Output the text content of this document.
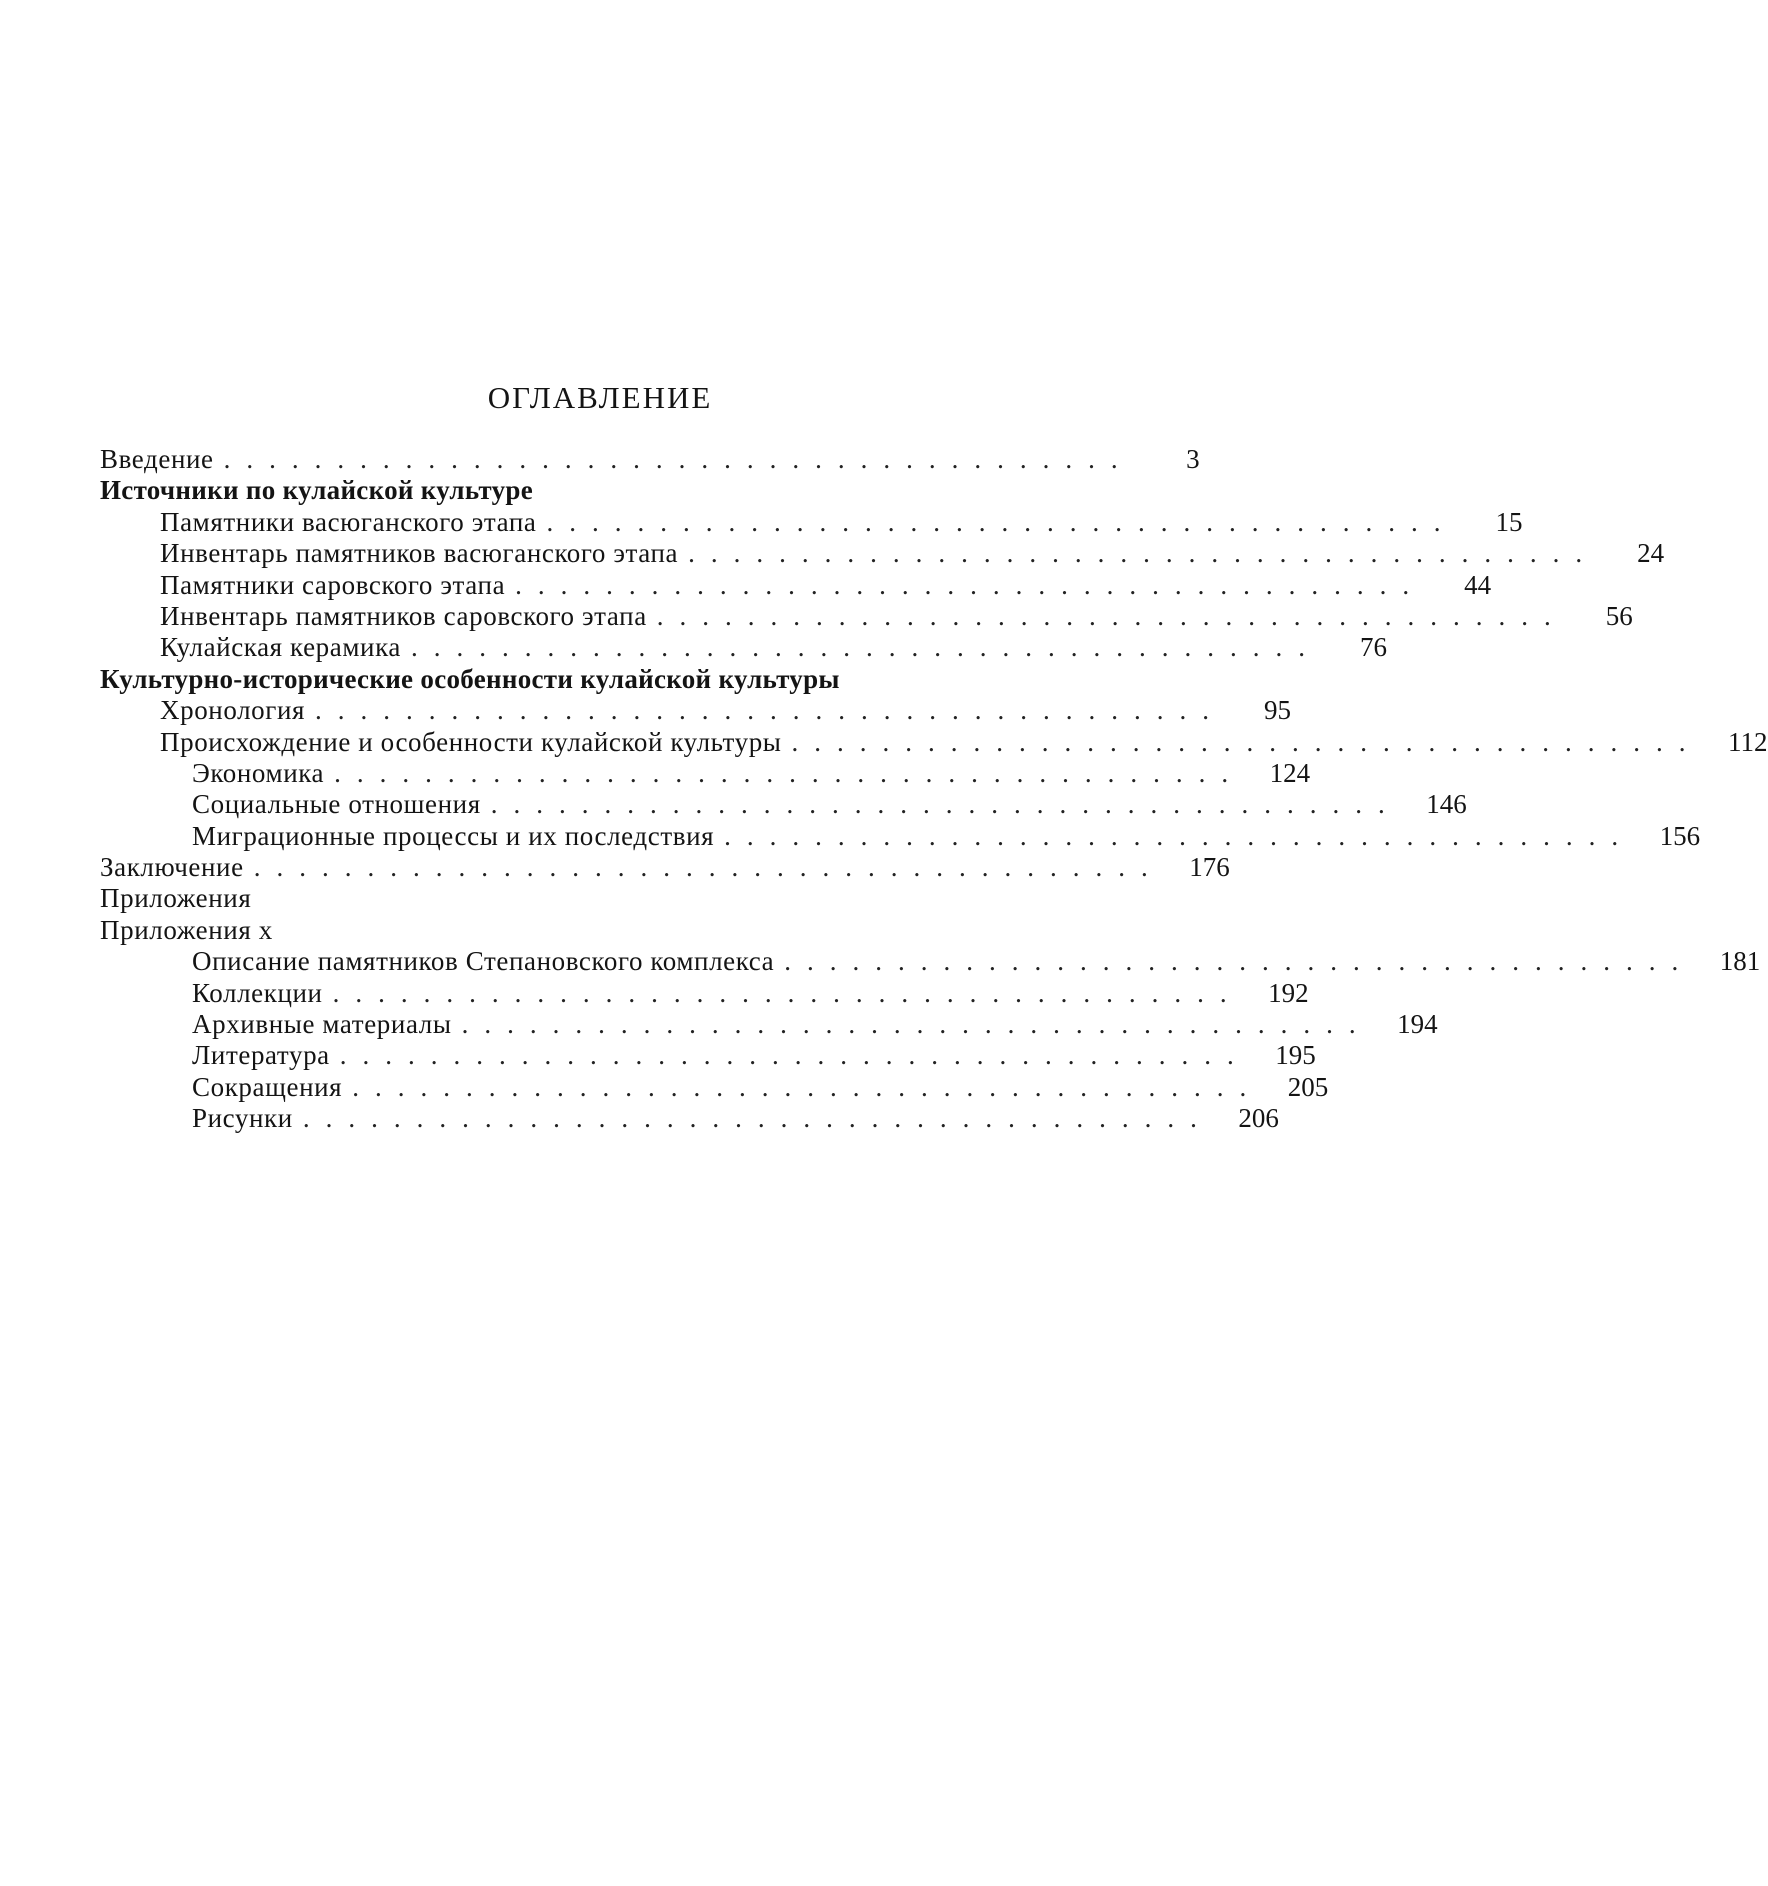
ОГЛАВЛЕНИЕ
Введение ........................................	3
Источники по кулайской культуре
Памятники васюганского этапа ........................................	15
Инвентарь памятников васюганского этапа ........................................	24
Памятники саровского этапа ........................................	44
Инвентарь памятников саровского этапа ........................................	56
Кулайская керамика ........................................	76
Культурно-исторические особенности кулайской культуры
Хронология ........................................	95
Происхождение и особенности кулайской культуры ........................................ 112
Экономика ........................................ 124
Социальные отношения ........................................ 146
Миграционные процессы и их последствия ........................................ 156
Заключение ........................................ 176
Приложения
Приложения х
Описание памятников Степановского комплекса ........................................ 181
Коллекции ........................................ 192
Архивные материалы ........................................ 194
Литература ........................................ 195
Сокращения ........................................ 205
Рисунки ........................................ 206
